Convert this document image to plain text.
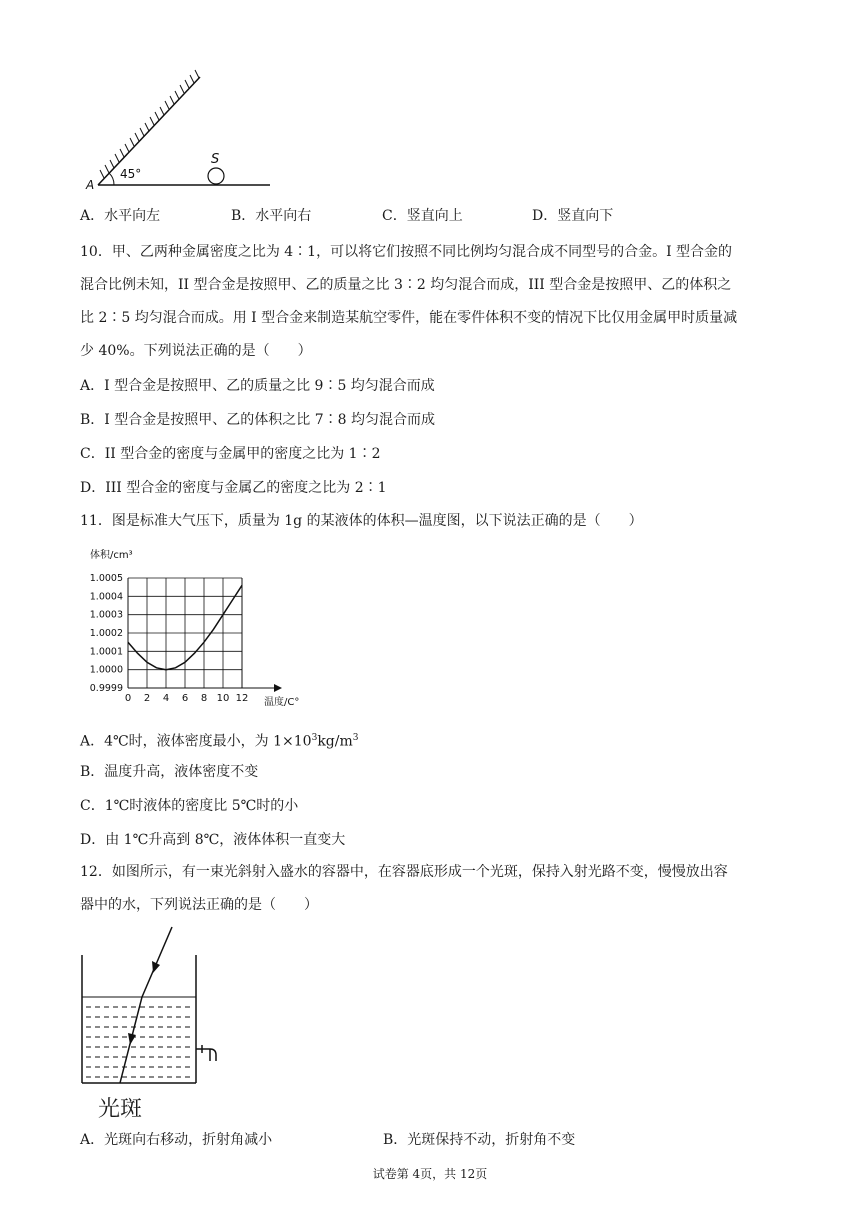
45°
A
S
A．水平向左	B．水平向右	C．竖直向上	D．竖直向下
10．甲、乙两种金属密度之比为 4∶1，可以将它们按照不同比例均匀混合成不同型号的合金。I 型合金的
混合比例未知，II 型合金是按照甲、乙的质量之比 3∶2 均匀混合而成，III 型合金是按照甲、乙的体积之
比 2∶5 均匀混合而成。用 I 型合金来制造某航空零件，能在零件体积不变的情况下比仅用金属甲时质量减
少 40%。下列说法正确的是（　　）
A．I 型合金是按照甲、乙的质量之比 9∶5 均匀混合而成
B．I 型合金是按照甲、乙的体积之比 7∶8 均匀混合而成
C．II 型合金的密度与金属甲的密度之比为 1∶2
D．III 型合金的密度与金属乙的密度之比为 2∶1
11．图是标准大气压下，质量为 1g 的某液体的体积—温度图，以下说法正确的是（　　）
体积/cm³
0 2 4 6 8 10 12
0.9999
1.0000
1.0001
1.0002
1.0003
1.0004
1.0005
温度/C°
A．4℃时，液体密度最小，为 $1\times 10^3kg/m^3$
B．温度升高，液体密度不变
C．1℃时液体的密度比 5℃时的小
D．由 1℃升高到 8℃，液体体积一直变大
12．如图所示，有一束光斜射入盛水的容器中，在容器底形成一个光斑，保持入射光路不变，慢慢放出容
器中的水，下列说法正确的是（　　）
光斑
A．光斑向右移动，折射角减小	B．光斑保持不动，折射角不变
试卷第 4页，共 12页
